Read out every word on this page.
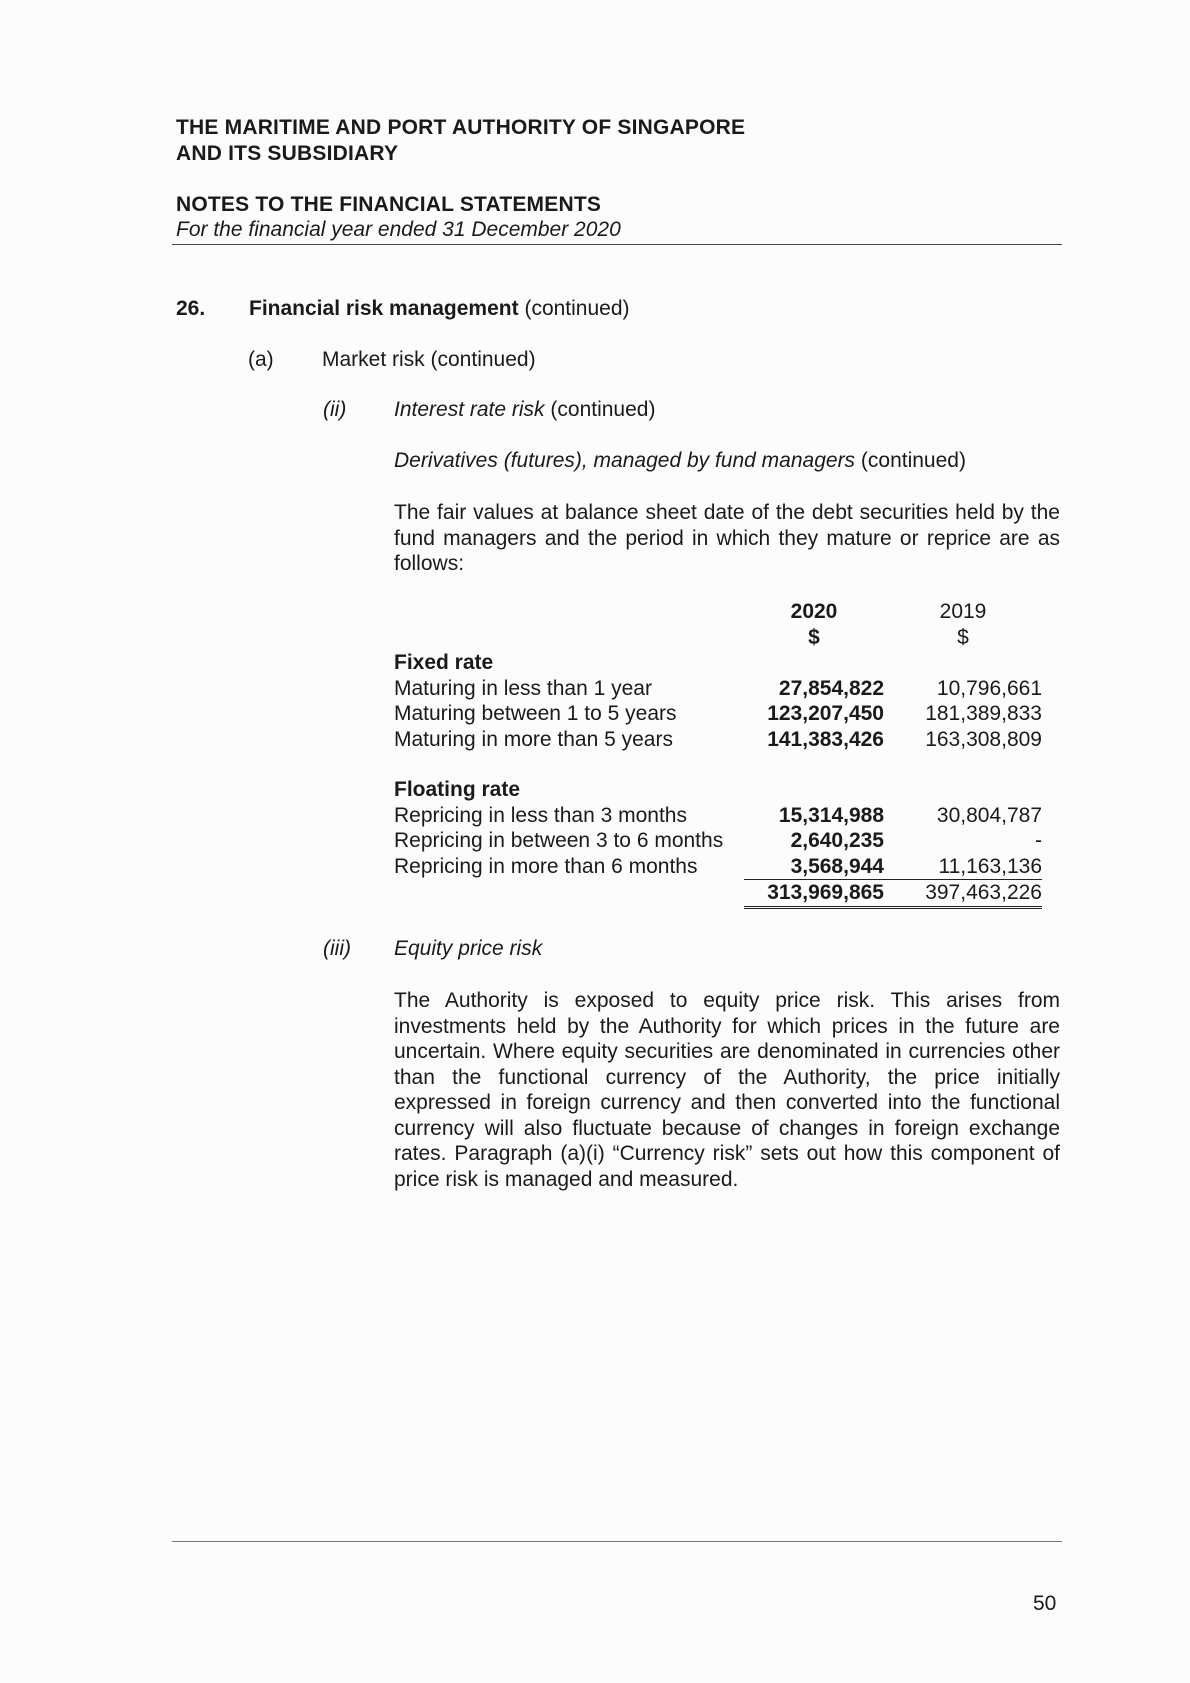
THE MARITIME AND PORT AUTHORITY OF SINGAPORE
AND ITS SUBSIDIARY
NOTES TO THE FINANCIAL STATEMENTS
For the financial year ended 31 December 2020
26. Financial risk management (continued)
(a) Market risk (continued)
(ii) Interest rate risk (continued)
Derivatives (futures), managed by fund managers (continued)
The fair values at balance sheet date of the debt securities held by the fund managers and the period in which they mature or reprice are as follows:
	2020	2019
	$	$
Fixed rate		
Maturing in less than 1 year	27,854,822	10,796,661
Maturing between 1 to 5 years	123,207,450	181,389,833
Maturing in more than 5 years	141,383,426	163,308,809

Floating rate		
Repricing in less than 3 months	15,314,988	30,804,787
Repricing in between 3 to 6 months	2,640,235	-
Repricing in more than 6 months	3,568,944	11,163,136
	313,969,865	397,463,226
(iii) Equity price risk
The Authority is exposed to equity price risk. This arises from investments held by the Authority for which prices in the future are uncertain. Where equity securities are denominated in currencies other than the functional currency of the Authority, the price initially expressed in foreign currency and then converted into the functional currency will also fluctuate because of changes in foreign exchange rates. Paragraph (a)(i) “Currency risk” sets out how this component of price risk is managed and measured.
50
